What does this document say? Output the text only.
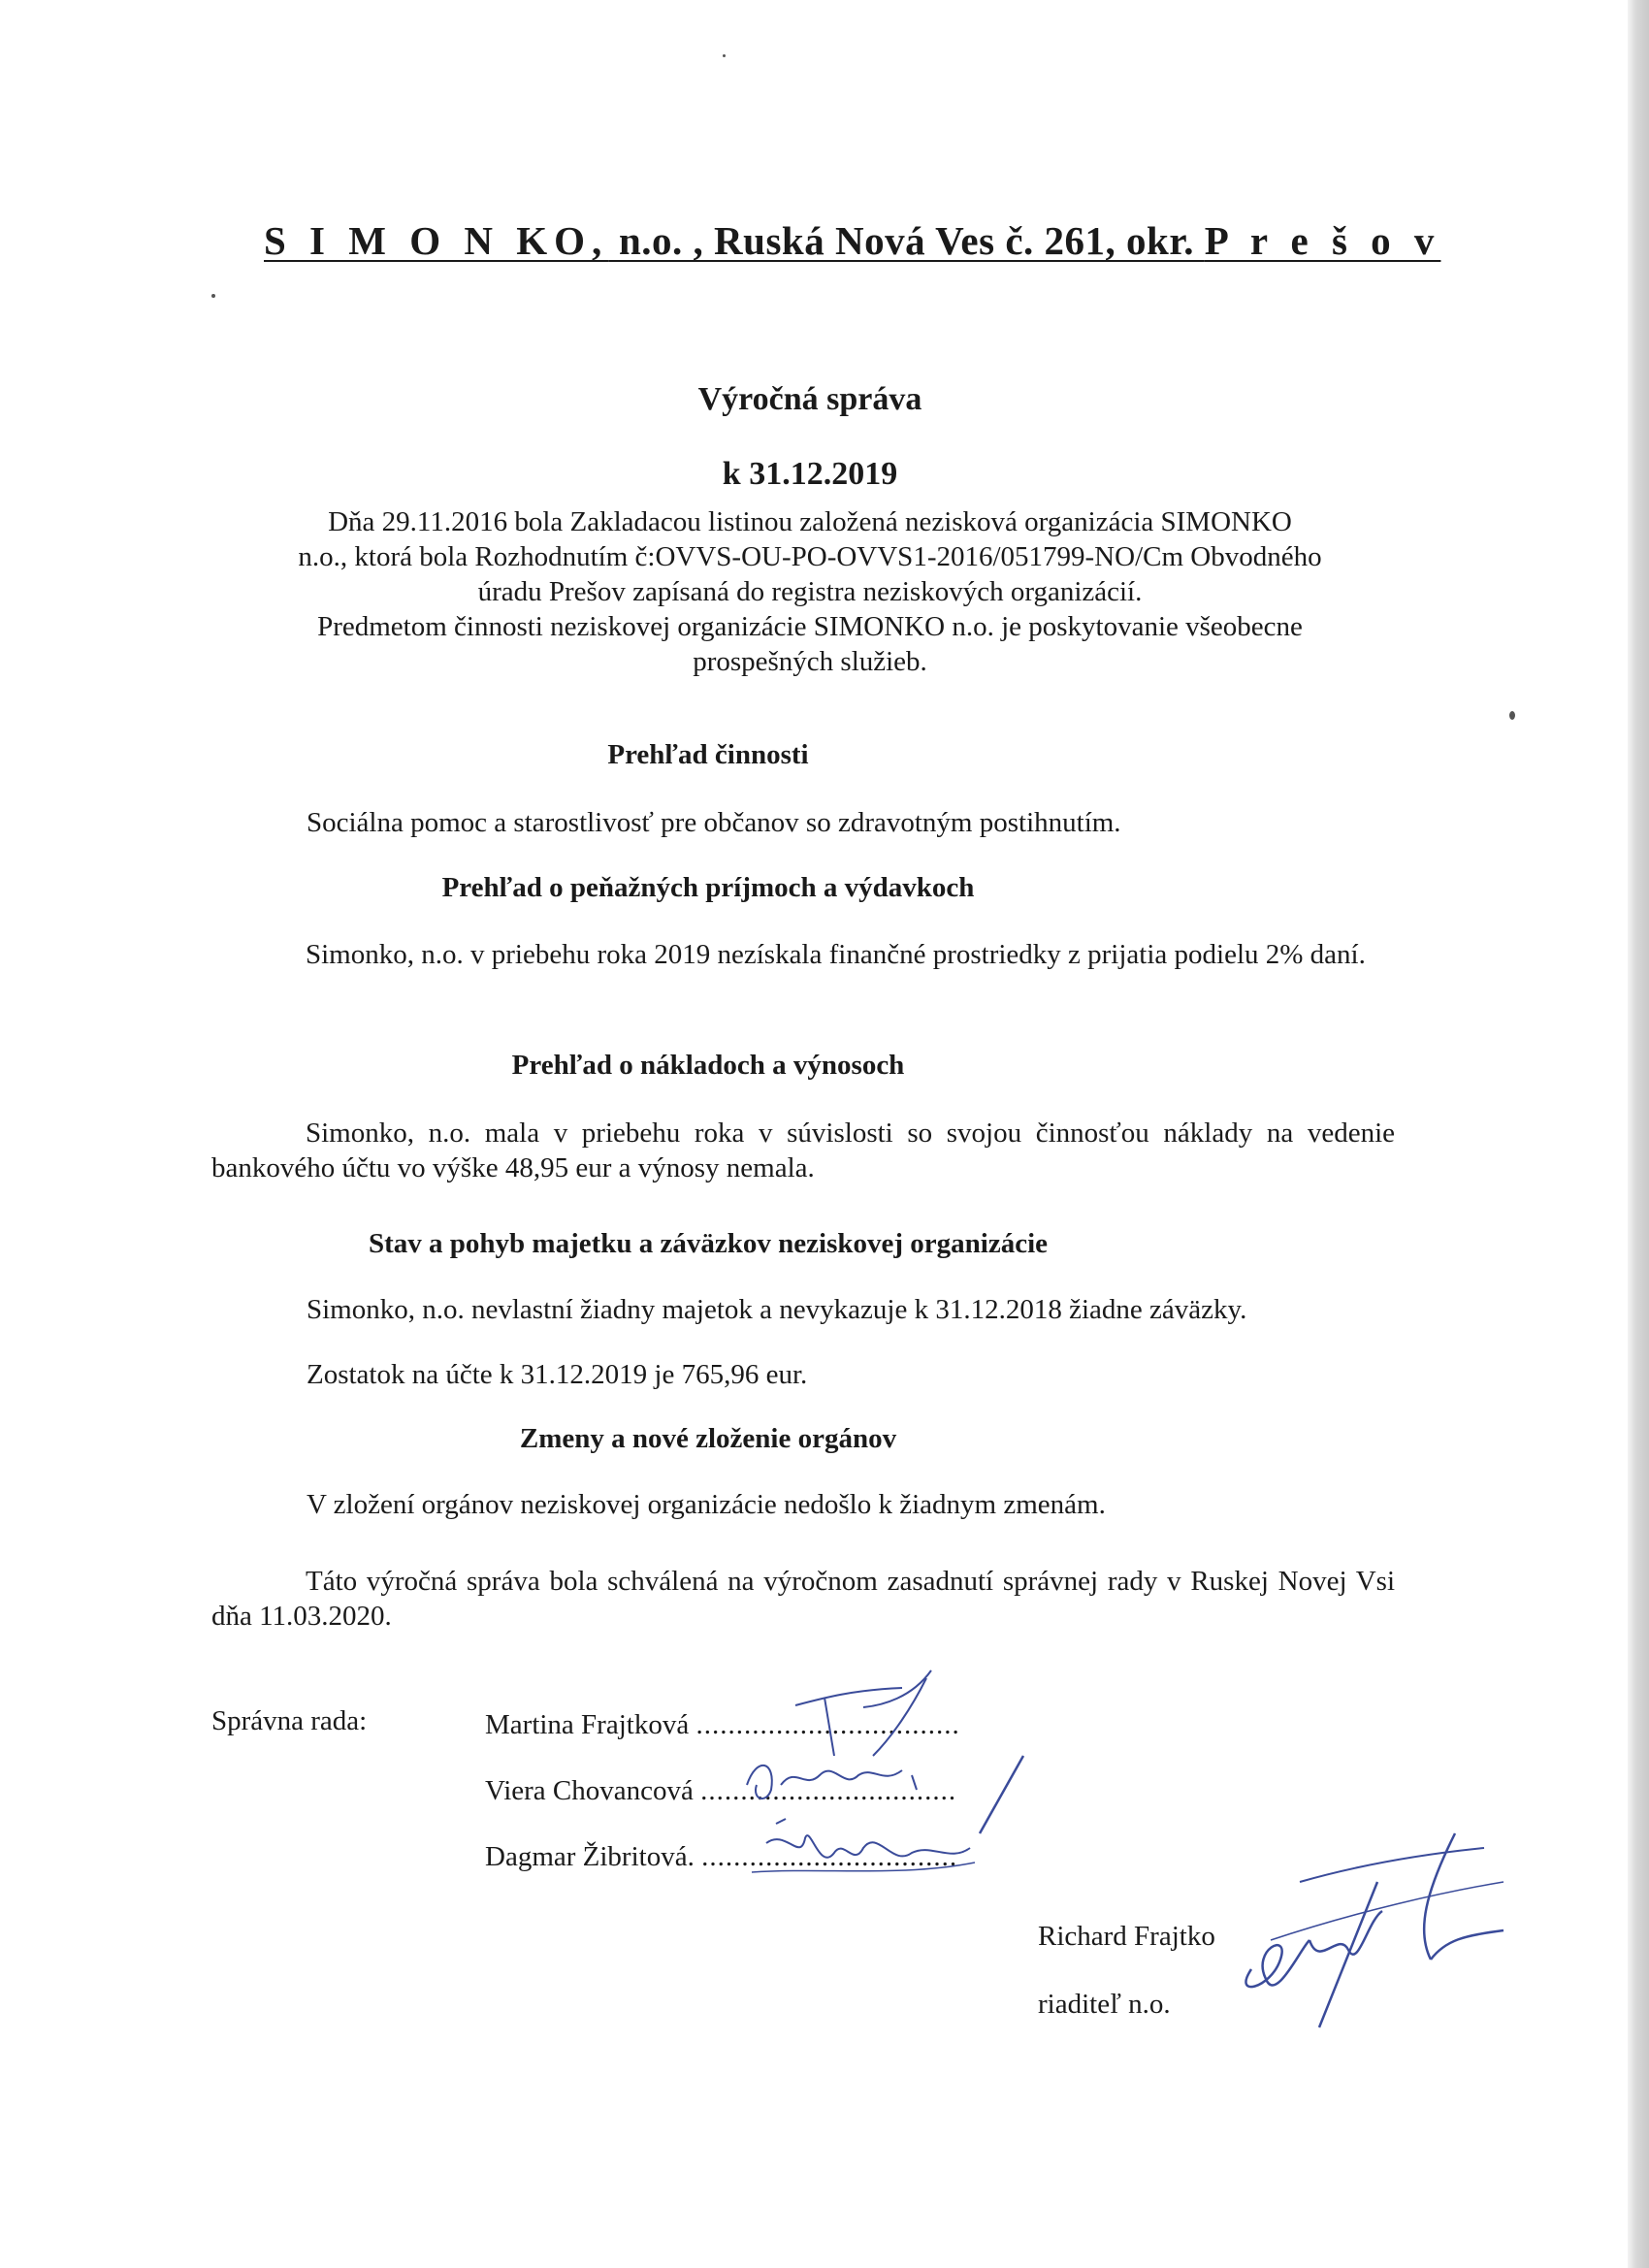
S I M O N KO, n.o. , Ruská Nová Ves č. 261, okr. P r e š o v
Výročná správa
k 31.12.2019
Dňa 29.11.2016 bola Zakladacou listinou založená nezisková organizácia SIMONKO
n.o., ktorá bola Rozhodnutím č:OVVS-OU-PO-OVVS1-2016/051799-NO/Cm Obvodného
úradu Prešov zapísaná do registra neziskových organizácií.
Predmetom činnosti neziskovej organizácie SIMONKO n.o. je poskytovanie všeobecne
prospešných služieb.
Prehľad činnosti
Sociálna pomoc a starostlivosť pre občanov so zdravotným postihnutím.
Prehľad o peňažných príjmoch a výdavkoch
Simonko, n.o. v priebehu roka 2019 nezískala finančné prostriedky z prijatia podielu 2% daní.
Prehľad o nákladoch a výnosoch
Simonko, n.o. mala v priebehu roka v súvislosti so svojou činnosťou náklady na vedenie bankového účtu vo výške 48,95 eur a výnosy nemala.
Stav a pohyb majetku a záväzkov neziskovej organizácie
Simonko, n.o. nevlastní žiadny majetok a nevykazuje k 31.12.2018 žiadne záväzky.
Zostatok na účte k 31.12.2019 je 765,96 eur.
Zmeny a nové zloženie orgánov
V zložení orgánov neziskovej organizácie nedošlo k žiadnym zmenám.
Táto výročná správa bola schválená na výročnom zasadnutí správnej rady v Ruskej Novej Vsi dňa 11.03.2020.
Správna rada:	Martina Frajtková .................................
Viera Chovancová ................................
Dagmar Žibritová. ................................
Richard Frajtko
riaditeľ n.o.
